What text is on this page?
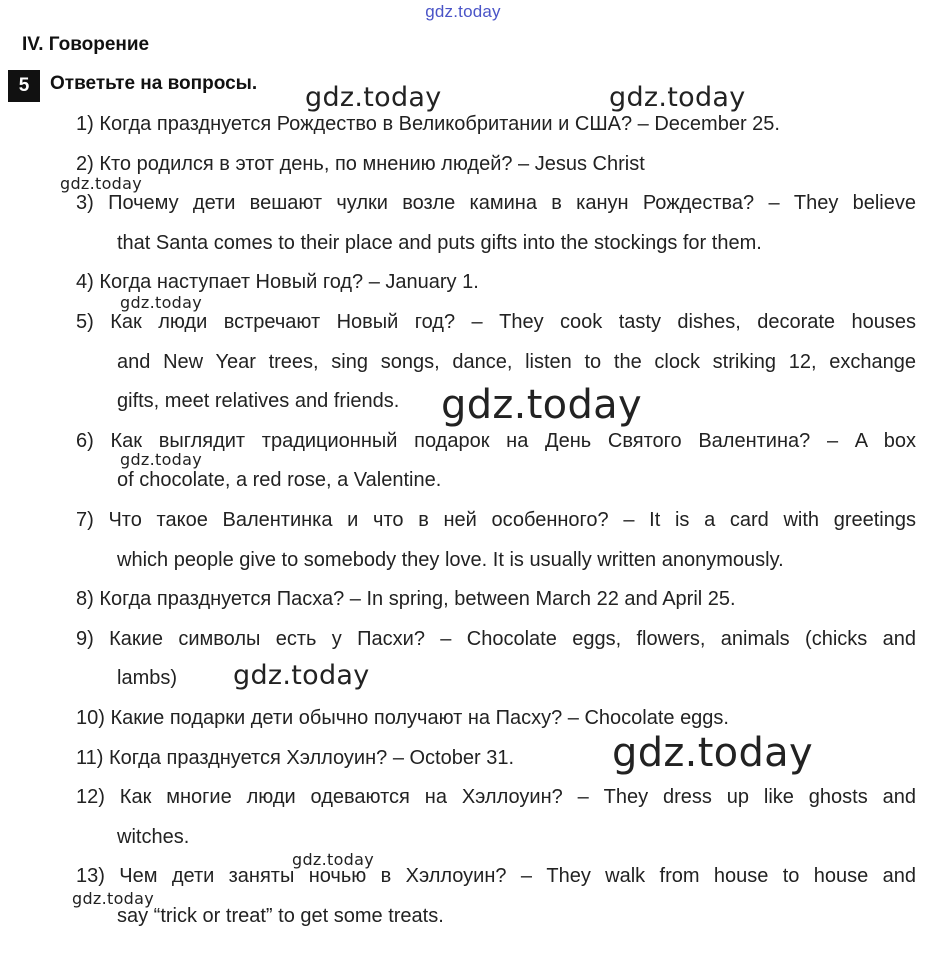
gdz.today
IV. Говорение
5	Ответьте на вопросы.
1) Когда празднуется Рождество в Великобритании и США? – December 25.
2) Кто родился в этот день, по мнению людей? – Jesus Christ
3) Почему дети вешают чулки возле камина в канун Рождества? – They believe
that Santa comes to their place and puts gifts into the stockings for them.
4) Когда наступает Новый год? – January 1.
5) Как люди встречают Новый год? – They cook tasty dishes, decorate houses
and New Year trees, sing songs, dance, listen to the clock striking 12, exchange
gifts, meet relatives and friends.
6) Как выглядит традиционный подарок на День Святого Валентина? – A box
of chocolate, a red rose, a Valentine.
7) Что такое Валентинка и что в ней особенного? – It is a card with greetings
which people give to somebody they love. It is usually written anonymously.
8) Когда празднуется Пасха? – In spring, between March 22 and April 25.
9) Какие символы есть у Пасхи? – Chocolate eggs, flowers, animals (chicks and
lambs)
10) Какие подарки дети обычно получают на Пасху? – Chocolate eggs.
11) Когда празднуется Хэллоуин? – October 31.
12) Как многие люди одеваются на Хэллоуин? – They dress up like ghosts and
witches.
13) Чем дети заняты ночью в Хэллоуин? – They walk from house to house and
say “trick or treat” to get some treats.
gdz.today	gdz.today
gdz.today
gdz.today
gdz.today
gdz.today
gdz.today
gdz.today
gdz.today
gdz.today
